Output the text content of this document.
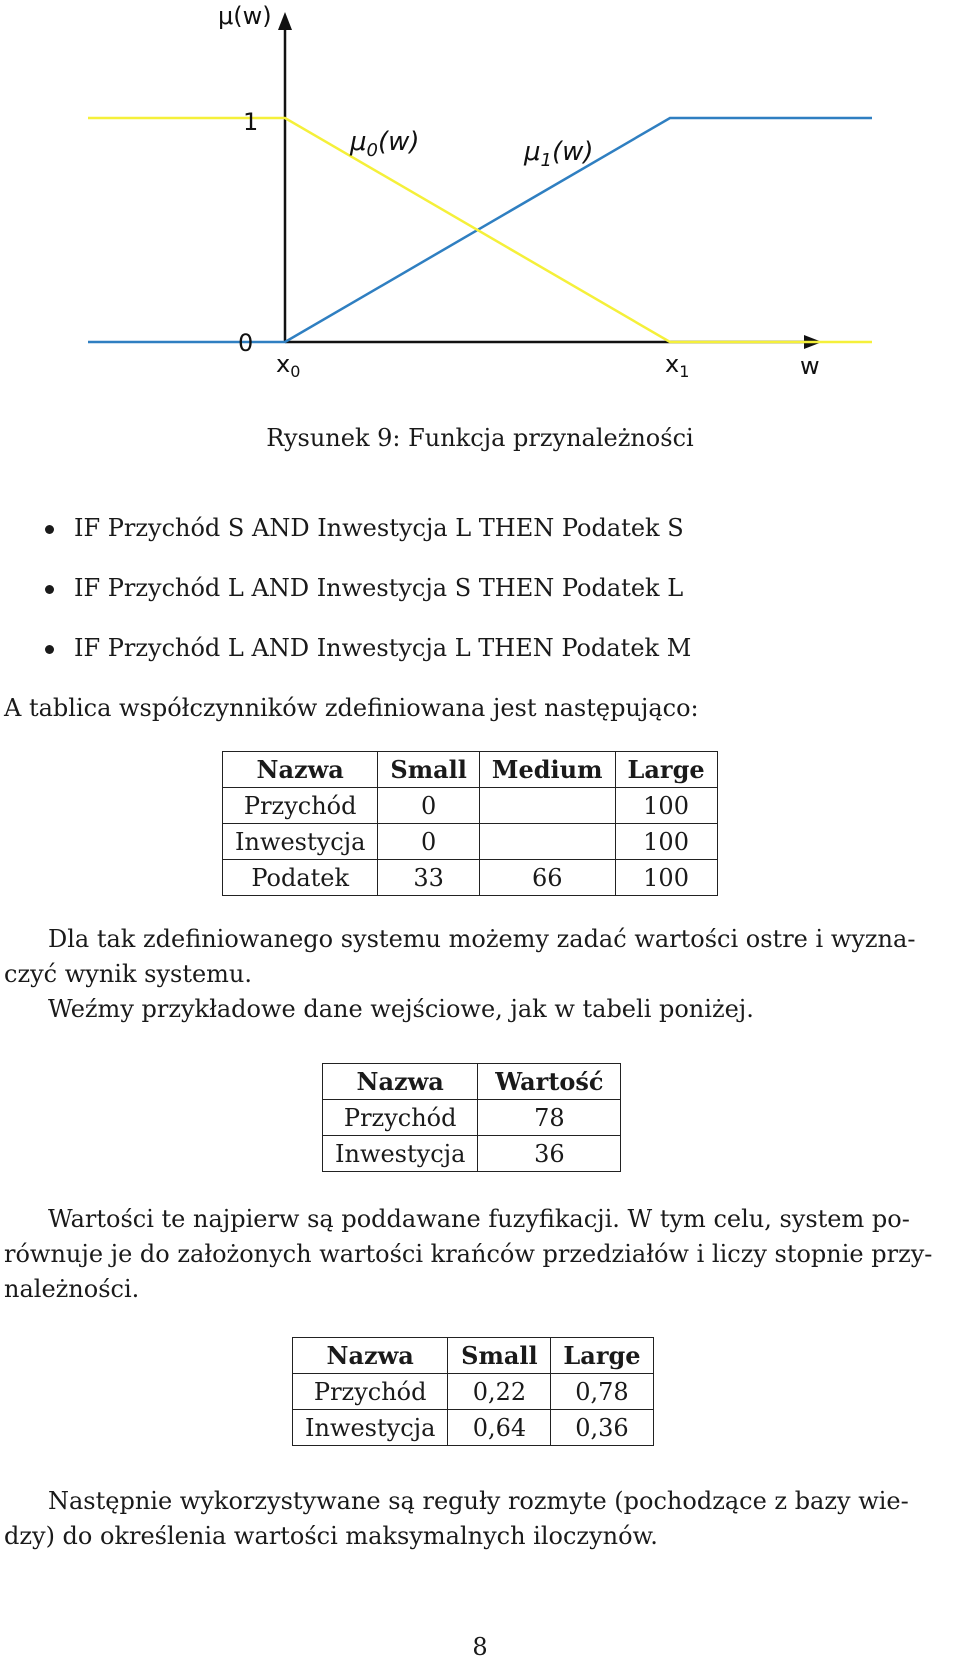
μ(w)
1
0
w
$x_0$	$x_1$
$\mu_0(w)$	$\mu_1(w)$
Rysunek 9: Funkcja przynależności
IF Przychód S AND Inwestycja L THEN Podatek S
IF Przychód L AND Inwestycja S THEN Podatek L
IF Przychód L AND Inwestycja L THEN Podatek M
A tablica współczynników zdefiniowana jest następująco:
Nazwa	Small	Medium	Large
Przychód	0		100
Inwestycja	0		100
Podatek	33	66	100
Dla tak zdefiniowanego systemu możemy zadać wartości ostre i wyzna-
czyć wynik systemu.
Weźmy przykładowe dane wejściowe, jak w tabeli poniżej.
Nazwa	Wartość
Przychód	78
Inwestycja	36
Wartości te najpierw są poddawane fuzyfikacji. W tym celu, system po-
równuje je do założonych wartości krańców przedziałów i liczy stopnie przy-
należności.
Nazwa	Small	Large
Przychód	0,22	0,78
Inwestycja	0,64	0,36
Następnie wykorzystywane są reguły rozmyte (pochodzące z bazy wie-
dzy) do określenia wartości maksymalnych iloczynów.
8
